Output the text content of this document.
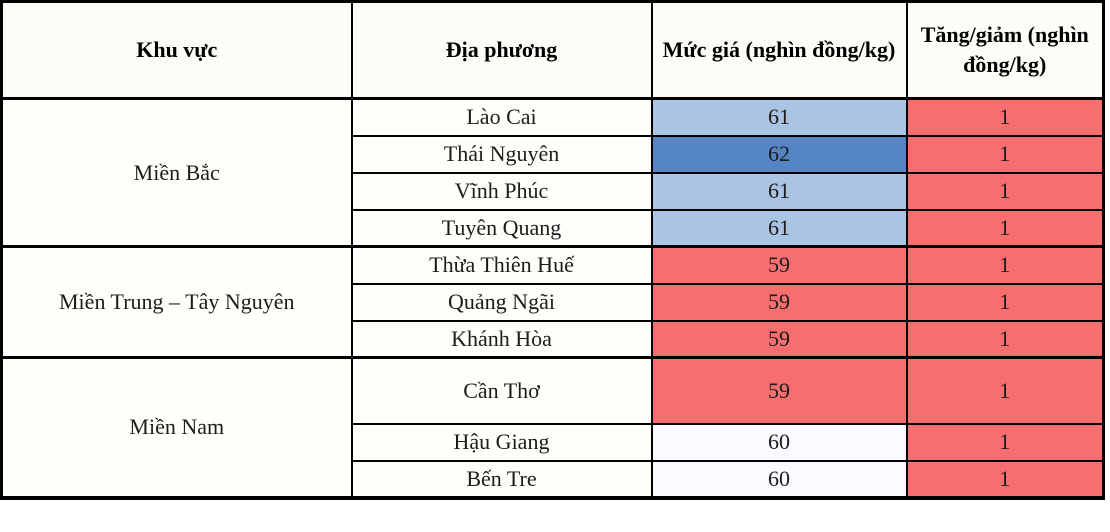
Khu vực	Địa phương	Mức giá (nghìn đồng/kg)	Tăng/giảm (nghìn đồng/kg)
Miền Bắc	Lào Cai	61	1
	Thái Nguyên	62	1
	Vĩnh Phúc	61	1
	Tuyên Quang	61	1
Miền Trung – Tây Nguyên	Thừa Thiên Huế	59	1
	Quảng Ngãi	59	1
	Khánh Hòa	59	1
Miền Nam	Cần Thơ	59	1
	Hậu Giang	60	1
	Bến Tre	60	1
